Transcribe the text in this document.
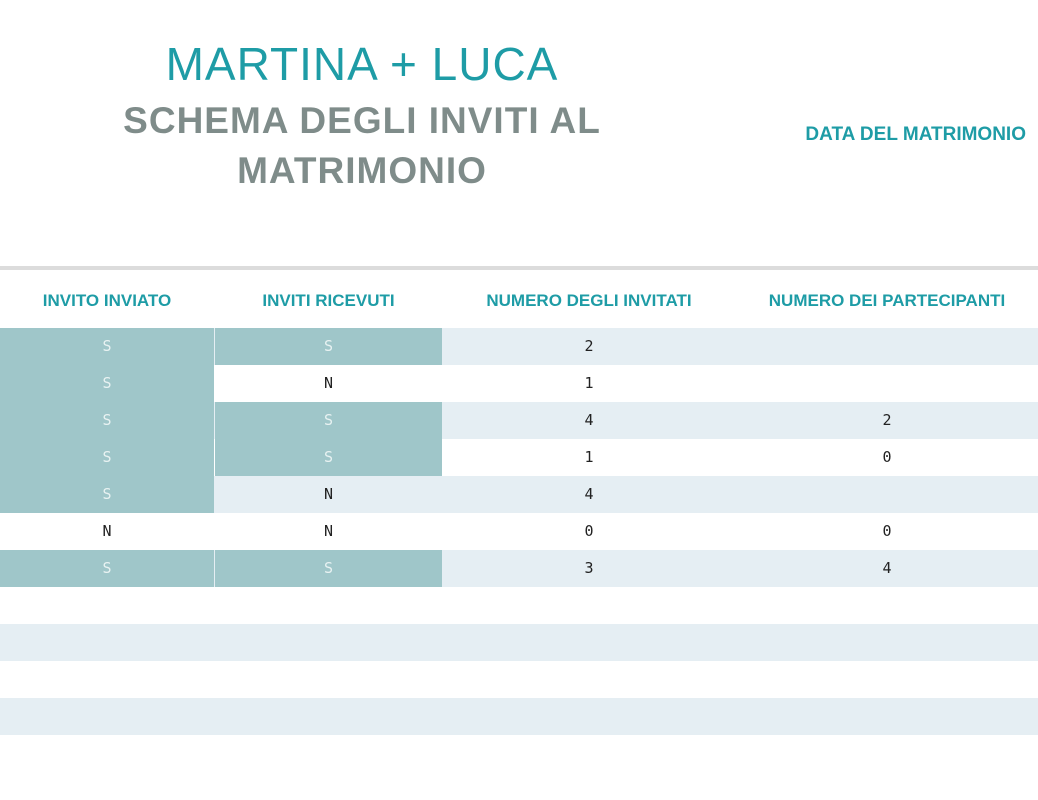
MARTINA + LUCA
SCHEMA DEGLI INVITI AL MATRIMONIO
DATA DEL MATRIMONIO
INVITO INVIATO	INVITI RICEVUTI	NUMERO DEGLI INVITATI	NUMERO DEI PARTECIPANTI
S	S	2
S	N	1
S	S	4	2
S	S	1	0
S	N	4
N	N	0	0
S	S	3	4
